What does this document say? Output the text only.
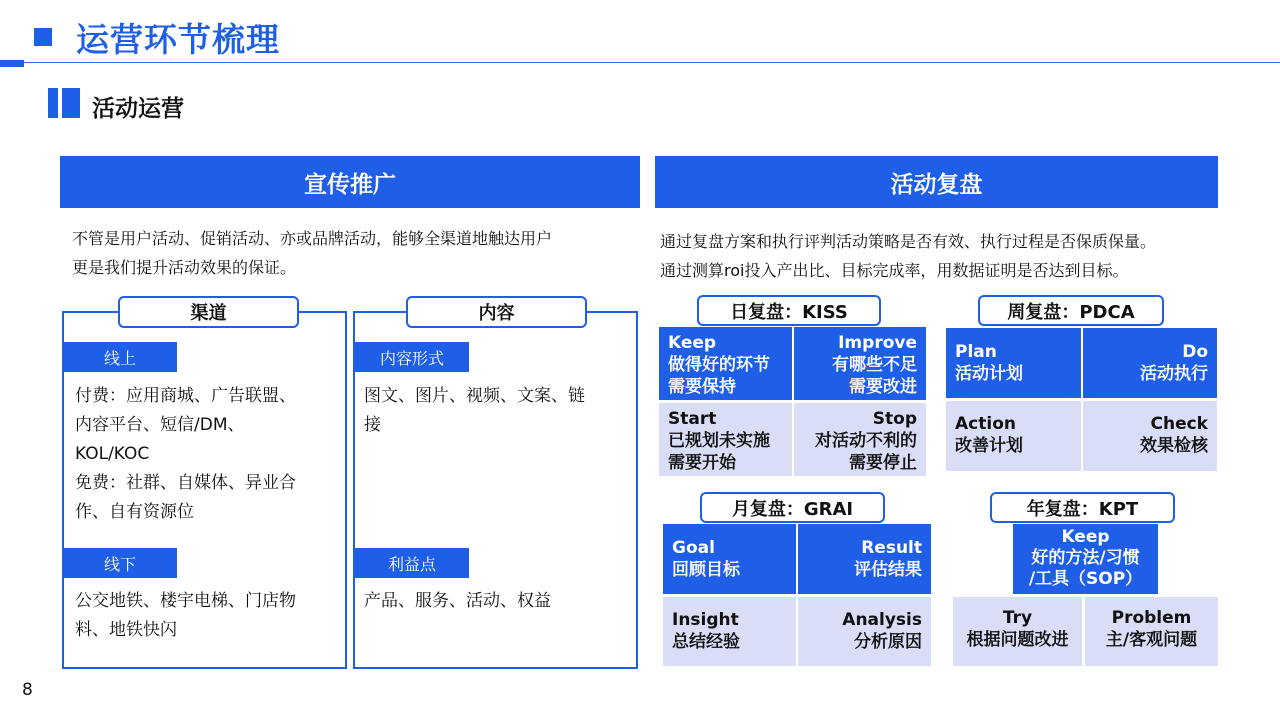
运营环节梳理
活动运营
宣传推广
不管是用户活动、促销活动、亦或品牌活动，能够全渠道地触达用户
更是我们提升活动效果的保证。
渠道
线上
付费：应用商城、广告联盟、
内容平台、短信/DM、
KOL/KOC
免费：社群、自媒体、异业合
作、自有资源位
线下
公交地铁、楼宇电梯、门店物
料、地铁快闪
内容
内容形式
图文、图片、视频、文案、链
接
利益点
产品、服务、活动、权益
活动复盘
通过复盘方案和执行评判活动策略是否有效、执行过程是否保质保量。
通过测算roi投入产出比、目标完成率，用数据证明是否达到目标。
日复盘：KISS
Keep
做得好的环节
需要保持
Improve
有哪些不足
需要改进
Start
已规划未实施
需要开始
Stop
对活动不利的
需要停止
周复盘：PDCA
Plan
活动计划
Do
活动执行
Action
改善计划
Check
效果检核
月复盘：GRAI
Goal
回顾目标
Result
评估结果
Insight
总结经验
Analysis
分析原因
年复盘：KPT
Keep
好的方法/习惯
/工具（SOP）
Try
根据问题改进
Problem
主/客观问题
8
